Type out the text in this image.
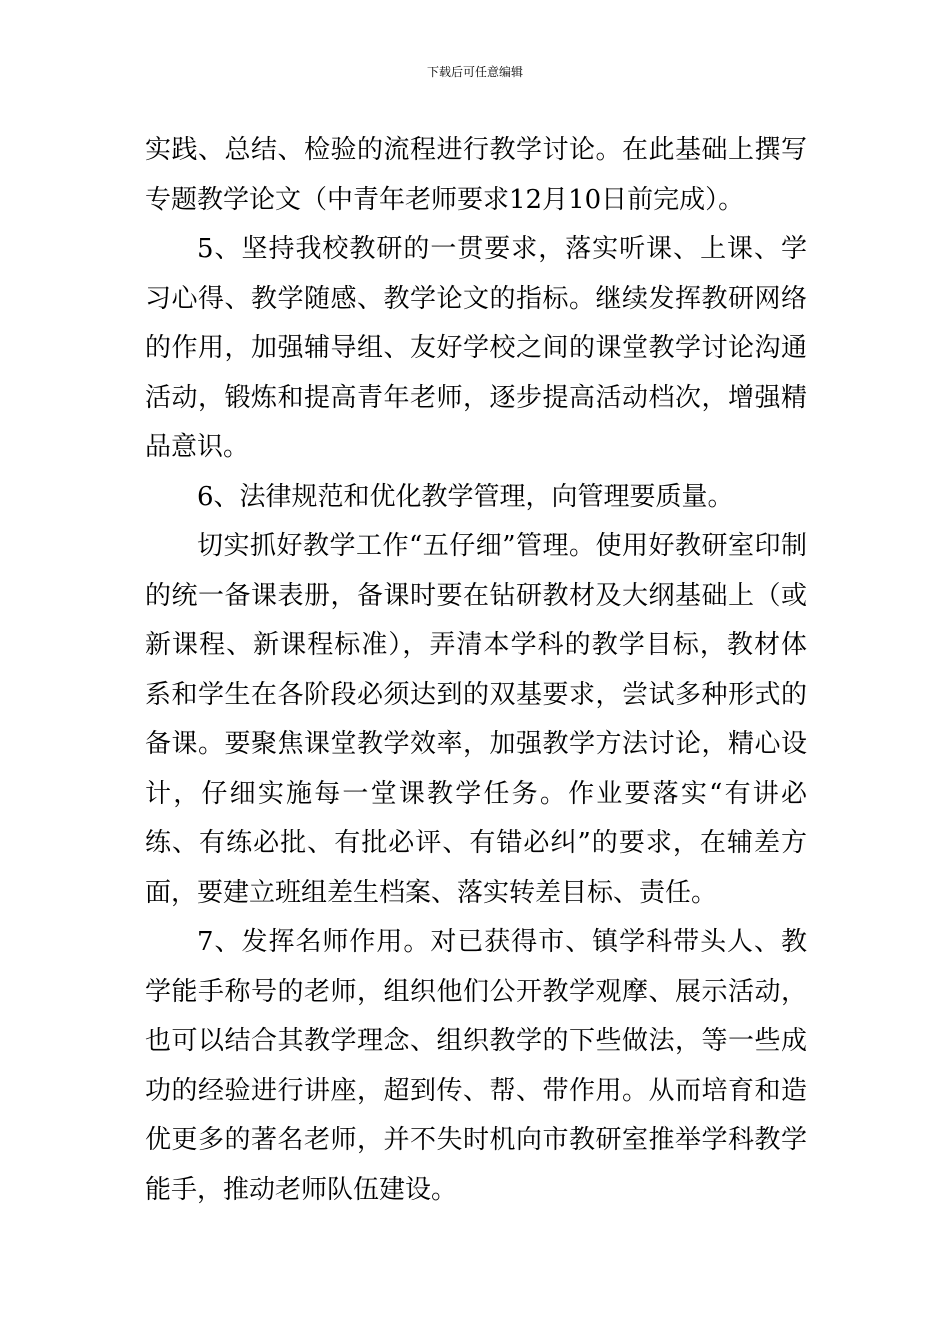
下载后可任意编辑

实践、总结、检验的流程进行教学讨论。在此基础上撰写专题教学论文（中青年老师要求12月10日前完成）。

5、坚持我校教研的一贯要求，落实听课、上课、学习心得、教学随感、教学论文的指标。继续发挥教研网络的作用，加强辅导组、友好学校之间的课堂教学讨论沟通活动，锻炼和提高青年老师，逐步提高活动档次，增强精品意识。

6、法律规范和优化教学管理，向管理要质量。

切实抓好教学工作“五仔细”管理。使用好教研室印制的统一备课表册，备课时要在钻研教材及大纲基础上（或新课程、新课程标准），弄清本学科的教学目标，教材体系和学生在各阶段必须达到的双基要求，尝试多种形式的备课。要聚焦课堂教学效率，加强教学方法讨论，精心设计，仔细实施每一堂课教学任务。作业要落实“有讲必练、有练必批、有批必评、有错必纠”的要求，在辅差方面，要建立班组差生档案、落实转差目标、责任。

7、发挥名师作用。对已获得市、镇学科带头人、教学能手称号的老师，组织他们公开教学观摩、展示活动，也可以结合其教学理念、组织教学的下些做法，等一些成功的经验进行讲座，超到传、帮、带作用。从而培育和造优更多的著名老师，并不失时机向市教研室推举学科教学能手，推动老师队伍建设。
